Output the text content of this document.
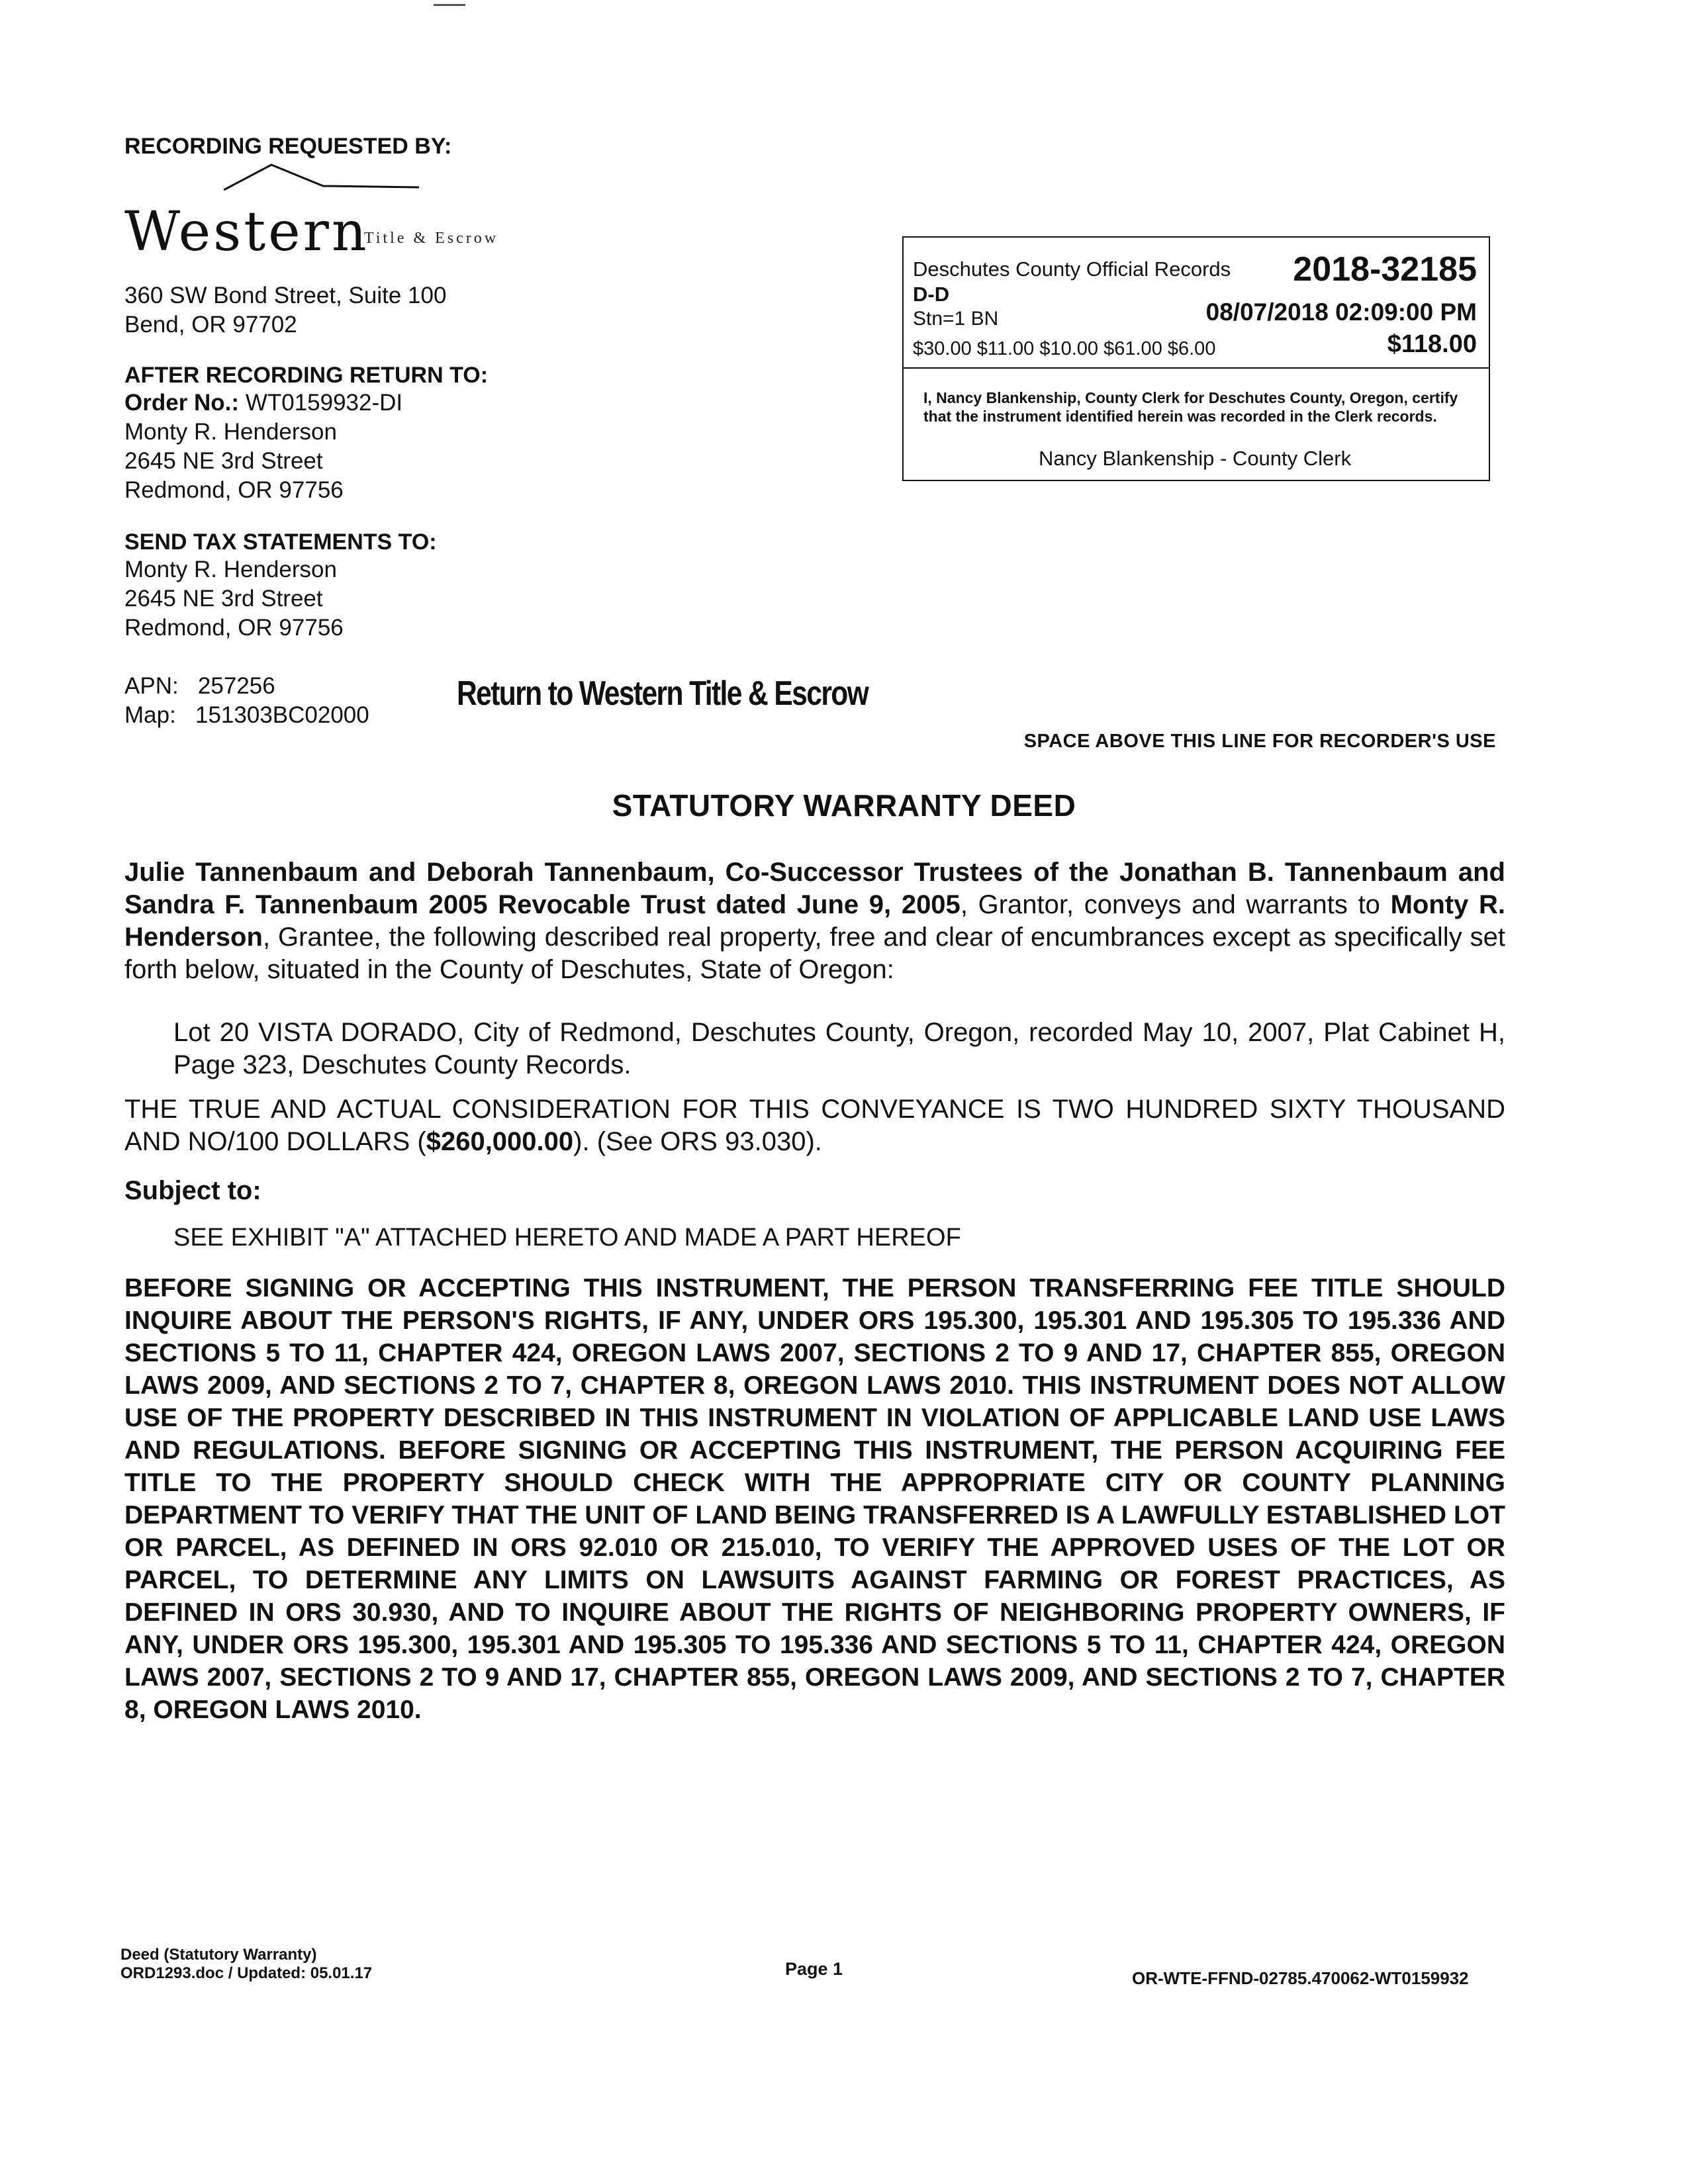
RECORDING REQUESTED BY:
Western
Title & Escrow
360 SW Bond Street, Suite 100
Bend, OR 97702
AFTER RECORDING RETURN TO:
Order No.: WT0159932-DI
Monty R. Henderson
2645 NE 3rd Street
Redmond, OR 97756
SEND TAX STATEMENTS TO:
Monty R. Henderson
2645 NE 3rd Street
Redmond, OR 97756
Deschutes County Official Records 2018-32185
D-D
Stn=1 BN	08/07/2018 02:09:00 PM
$30.00 $11.00 $10.00 $61.00 $6.00	$118.00
I, Nancy Blankenship, County Clerk for Deschutes County, Oregon, certify that the instrument identified herein was recorded in the Clerk records.
Nancy Blankenship - County Clerk
APN: 257256
Map: 151303BC02000
Return to Western Title & Escrow
SPACE ABOVE THIS LINE FOR RECORDER'S USE
STATUTORY WARRANTY DEED
Julie Tannenbaum and Deborah Tannenbaum, Co-Successor Trustees of the Jonathan B. Tannenbaum and Sandra F. Tannenbaum 2005 Revocable Trust dated June 9, 2005, Grantor, conveys and warrants to Monty R. Henderson, Grantee, the following described real property, free and clear of encumbrances except as specifically set forth below, situated in the County of Deschutes, State of Oregon:
Lot 20 VISTA DORADO, City of Redmond, Deschutes County, Oregon, recorded May 10, 2007, Plat Cabinet H, Page 323, Deschutes County Records.
THE TRUE AND ACTUAL CONSIDERATION FOR THIS CONVEYANCE IS TWO HUNDRED SIXTY THOUSAND AND NO/100 DOLLARS ($260,000.00). (See ORS 93.030).
Subject to:
SEE EXHIBIT "A" ATTACHED HERETO AND MADE A PART HEREOF
BEFORE SIGNING OR ACCEPTING THIS INSTRUMENT, THE PERSON TRANSFERRING FEE TITLE SHOULD INQUIRE ABOUT THE PERSON'S RIGHTS, IF ANY, UNDER ORS 195.300, 195.301 AND 195.305 TO 195.336 AND SECTIONS 5 TO 11, CHAPTER 424, OREGON LAWS 2007, SECTIONS 2 TO 9 AND 17, CHAPTER 855, OREGON LAWS 2009, AND SECTIONS 2 TO 7, CHAPTER 8, OREGON LAWS 2010. THIS INSTRUMENT DOES NOT ALLOW USE OF THE PROPERTY DESCRIBED IN THIS INSTRUMENT IN VIOLATION OF APPLICABLE LAND USE LAWS AND REGULATIONS. BEFORE SIGNING OR ACCEPTING THIS INSTRUMENT, THE PERSON ACQUIRING FEE TITLE TO THE PROPERTY SHOULD CHECK WITH THE APPROPRIATE CITY OR COUNTY PLANNING DEPARTMENT TO VERIFY THAT THE UNIT OF LAND BEING TRANSFERRED IS A LAWFULLY ESTABLISHED LOT OR PARCEL, AS DEFINED IN ORS 92.010 OR 215.010, TO VERIFY THE APPROVED USES OF THE LOT OR PARCEL, TO DETERMINE ANY LIMITS ON LAWSUITS AGAINST FARMING OR FOREST PRACTICES, AS DEFINED IN ORS 30.930, AND TO INQUIRE ABOUT THE RIGHTS OF NEIGHBORING PROPERTY OWNERS, IF ANY, UNDER ORS 195.300, 195.301 AND 195.305 TO 195.336 AND SECTIONS 5 TO 11, CHAPTER 424, OREGON LAWS 2007, SECTIONS 2 TO 9 AND 17, CHAPTER 855, OREGON LAWS 2009, AND SECTIONS 2 TO 7, CHAPTER 8, OREGON LAWS 2010.
Deed (Statutory Warranty)
ORD1293.doc / Updated: 05.01.17	Page 1	OR-WTE-FFND-02785.470062-WT0159932
